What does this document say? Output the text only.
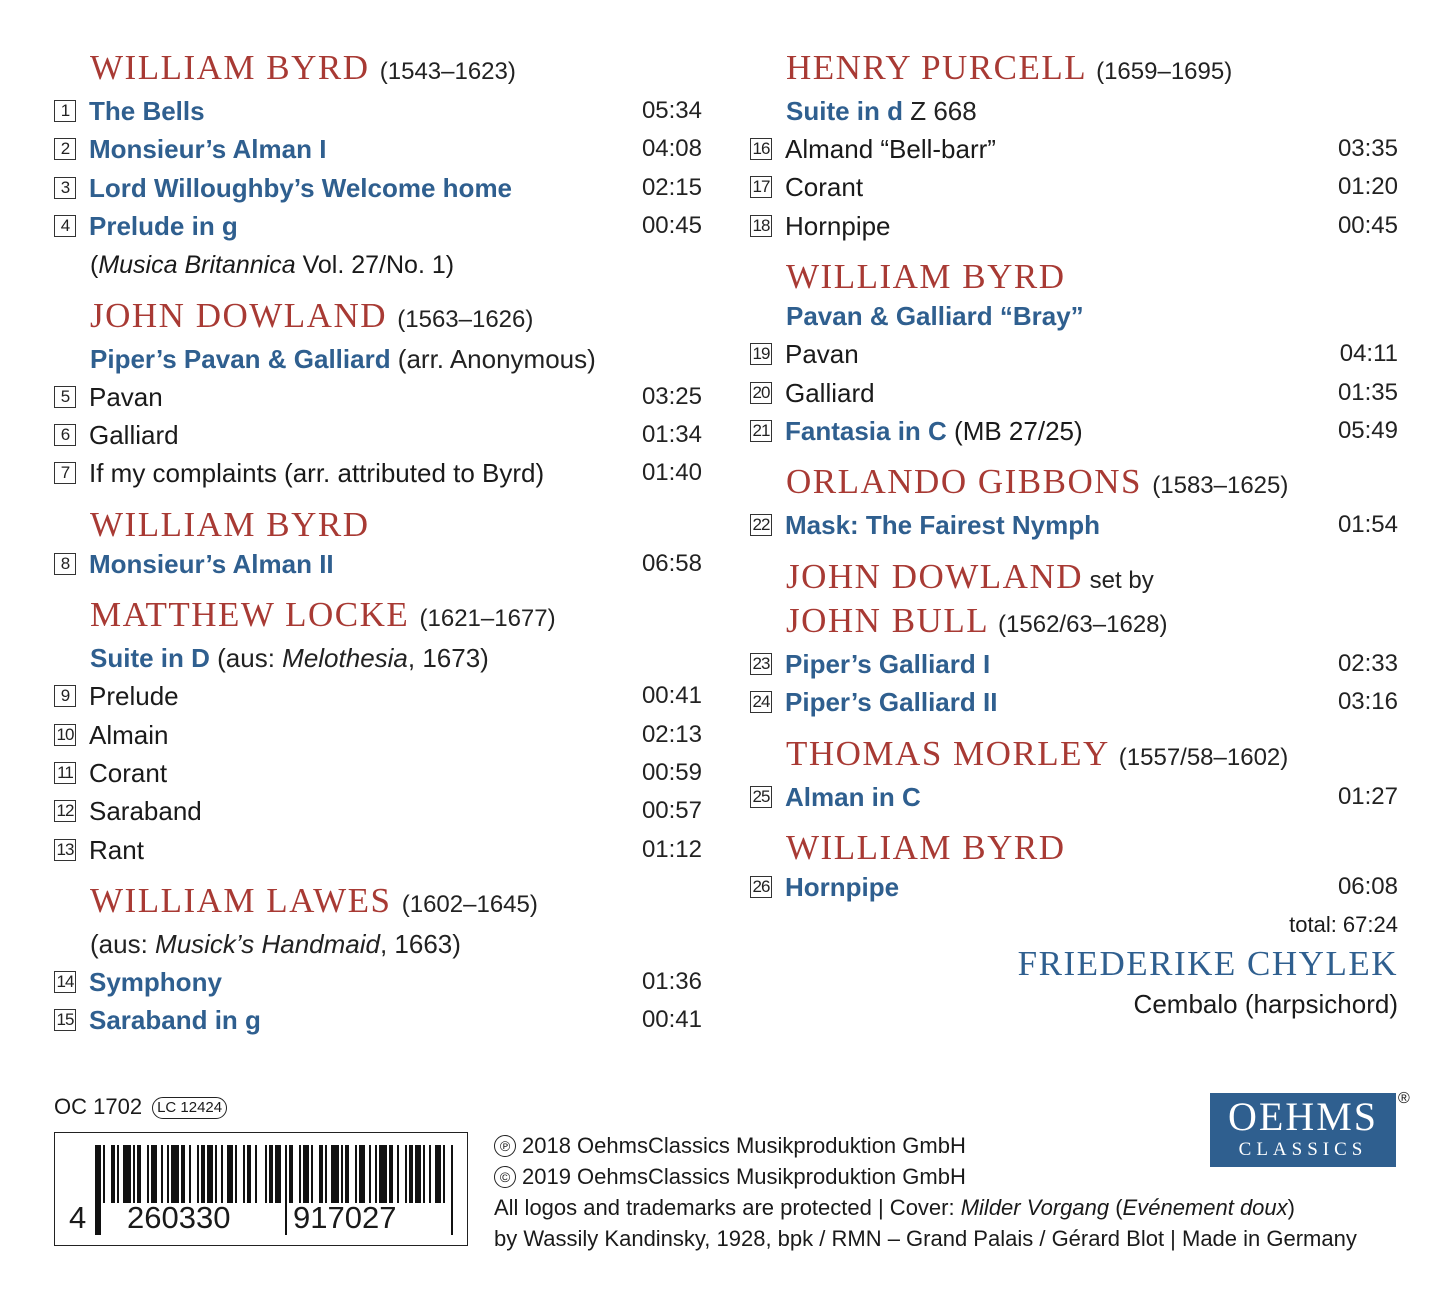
WILLIAM BYRD (1543–1623)
1 The Bells	05:34
2 Monsieur’s Alman I	04:08
3 Lord Willoughby’s Welcome home	02:15
4 Prelude in g	00:45
(Musica Britannica Vol. 27/No. 1)
JOHN DOWLAND (1563–1626)
Piper’s Pavan & Galliard (arr. Anonymous)
5 Pavan	03:25
6 Galliard	01:34
7 If my complaints (arr. attributed to Byrd)	01:40
WILLIAM BYRD
8 Monsieur’s Alman II	06:58
MATTHEW LOCKE (1621–1677)
Suite in D (aus: Melothesia, 1673)
9 Prelude	00:41
10 Almain	02:13
11 Corant	00:59
12 Saraband	00:57
13 Rant	01:12
WILLIAM LAWES (1602–1645)
(aus: Musick’s Handmaid, 1663)
14 Symphony	01:36
15 Saraband in g	00:41
HENRY PURCELL (1659–1695)
Suite in d Z 668
16 Almand “Bell-barr”	03:35
17 Corant	01:20
18 Hornpipe	00:45
WILLIAM BYRD
Pavan & Galliard “Bray”
19 Pavan	04:11
20 Galliard	01:35
21 Fantasia in C (MB 27/25)	05:49
ORLANDO GIBBONS (1583–1625)
22 Mask: The Fairest Nymph	01:54
JOHN DOWLAND set by
JOHN BULL (1562/63–1628)
23 Piper’s Galliard I	02:33
24 Piper’s Galliard II	03:16
THOMAS MORLEY (1557/58–1602)
25 Alman in C	01:27
WILLIAM BYRD
26 Hornpipe	06:08
total: 67:24
FRIEDERIKE CHYLEK
Cembalo (harpsichord)
OC 1702 LC 12424
4 260330 917027
℗ 2018 OehmsClassics Musikproduktion GmbH
© 2019 OehmsClassics Musikproduktion GmbH
All logos and trademarks are protected | Cover: Milder Vorgang (Evénement doux)
by Wassily Kandinsky, 1928, bpk / RMN – Grand Palais / Gérard Blot | Made in Germany
OEHMS
CLASSICS
®
